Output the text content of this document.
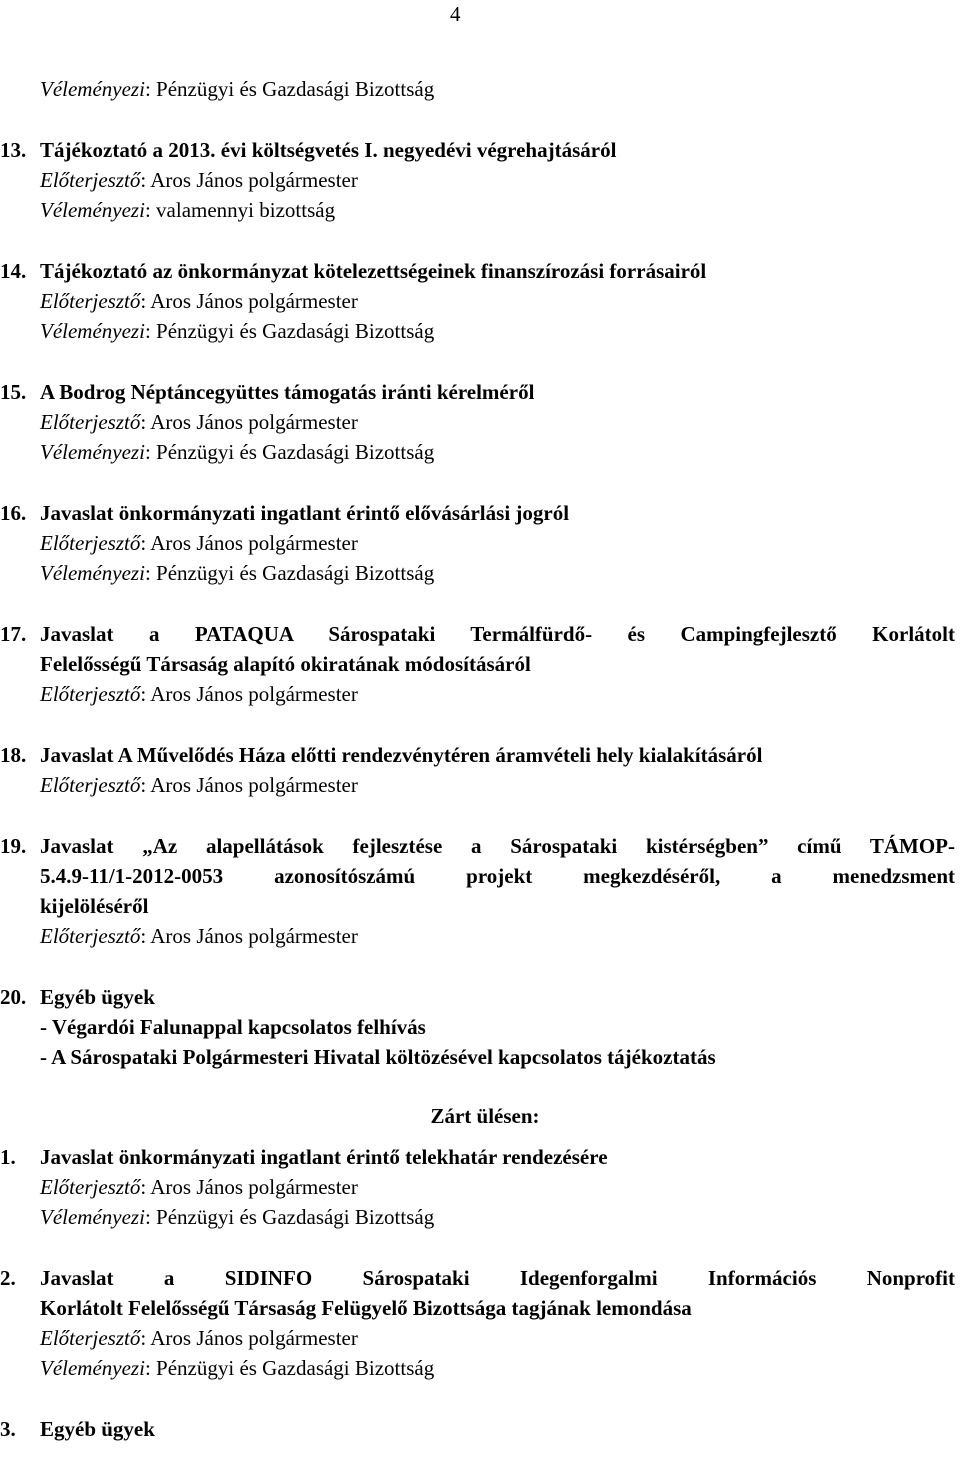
4
Véleményezi: Pénzügyi és Gazdasági Bizottság
13. Tájékoztató a 2013. évi költségvetés I. negyedévi végrehajtásáról
Előterjesztő: Aros János polgármester
Véleményezi: valamennyi bizottság
14. Tájékoztató az önkormányzat kötelezettségeinek finanszírozási forrásairól
Előterjesztő: Aros János polgármester
Véleményezi: Pénzügyi és Gazdasági Bizottság
15. A Bodrog Néptáncegyüttes támogatás iránti kérelméről
Előterjesztő: Aros János polgármester
Véleményezi: Pénzügyi és Gazdasági Bizottság
16. Javaslat önkormányzati ingatlant érintő elővásárlási jogról
Előterjesztő: Aros János polgármester
Véleményezi: Pénzügyi és Gazdasági Bizottság
17. Javaslat a PATAQUA Sárospataki Termálfürdő- és Campingfejlesztő Korlátolt
Felelősségű Társaság alapító okiratának módosításáról
Előterjesztő: Aros János polgármester
18. Javaslat A Művelődés Háza előtti rendezvénytéren áramvételi hely kialakításáról
Előterjesztő: Aros János polgármester
19. Javaslat „Az alapellátások fejlesztése a Sárospataki kistérségben” című TÁMOP-
5.4.9-11/1-2012-0053 azonosítószámú projekt megkezdéséről, a menedzsment
kijelöléséről
Előterjesztő: Aros János polgármester
20. Egyéb ügyek
- Végardói Falunappal kapcsolatos felhívás
- A Sárospataki Polgármesteri Hivatal költözésével kapcsolatos tájékoztatás
Zárt ülésen:
1. Javaslat önkormányzati ingatlant érintő telekhatár rendezésére
Előterjesztő: Aros János polgármester
Véleményezi: Pénzügyi és Gazdasági Bizottság
2. Javaslat a SIDINFO Sárospataki Idegenforgalmi Információs Nonprofit
Korlátolt Felelősségű Társaság Felügyelő Bizottsága tagjának lemondása
Előterjesztő: Aros János polgármester
Véleményezi: Pénzügyi és Gazdasági Bizottság
3. Egyéb ügyek
